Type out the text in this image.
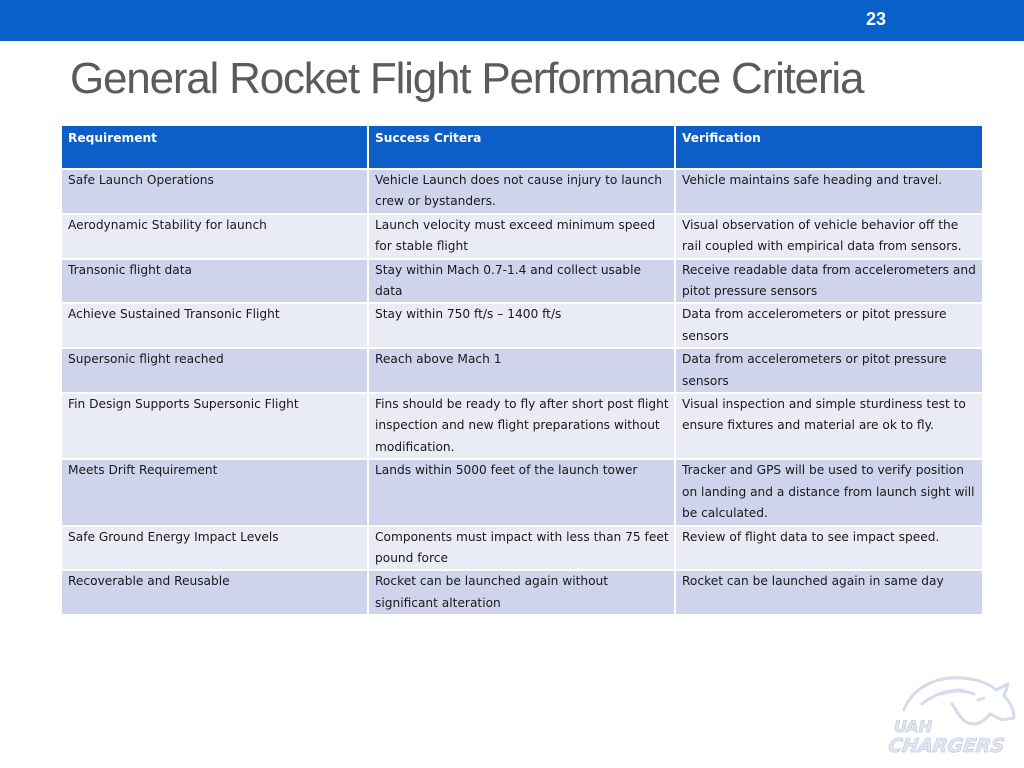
23
General Rocket Flight Performance Criteria
Requirement	Success Critera	Verification
Safe Launch Operations	Vehicle Launch does not cause injury to launch crew or bystanders.	Vehicle maintains safe heading and travel.
Aerodynamic Stability for launch	Launch velocity must exceed minimum speed for stable flight	Visual observation of vehicle behavior off the rail coupled with empirical data from sensors.
Transonic flight data	Stay within Mach 0.7-1.4 and collect usable data	Receive readable data from accelerometers and pitot pressure sensors
Achieve Sustained Transonic Flight	Stay within 750 ft/s – 1400 ft/s	Data from accelerometers or pitot pressure sensors
Supersonic flight reached	Reach above Mach 1	Data from accelerometers or pitot pressure sensors
Fin Design Supports Supersonic Flight	Fins should be ready to fly after short post flight inspection and new flight preparations without modification.	Visual inspection and simple sturdiness test to ensure fixtures and material are ok to fly.
Meets Drift Requirement	Lands within 5000 feet of the launch tower	Tracker and GPS will be used to verify position on landing and a distance from launch sight will be calculated.
Safe Ground Energy Impact Levels	Components must impact with less than 75 feet pound force	Review of flight data to see impact speed.
Recoverable and Reusable	Rocket can be launched again without significant alteration	Rocket can be launched again in same day
UAH
CHARGERS
